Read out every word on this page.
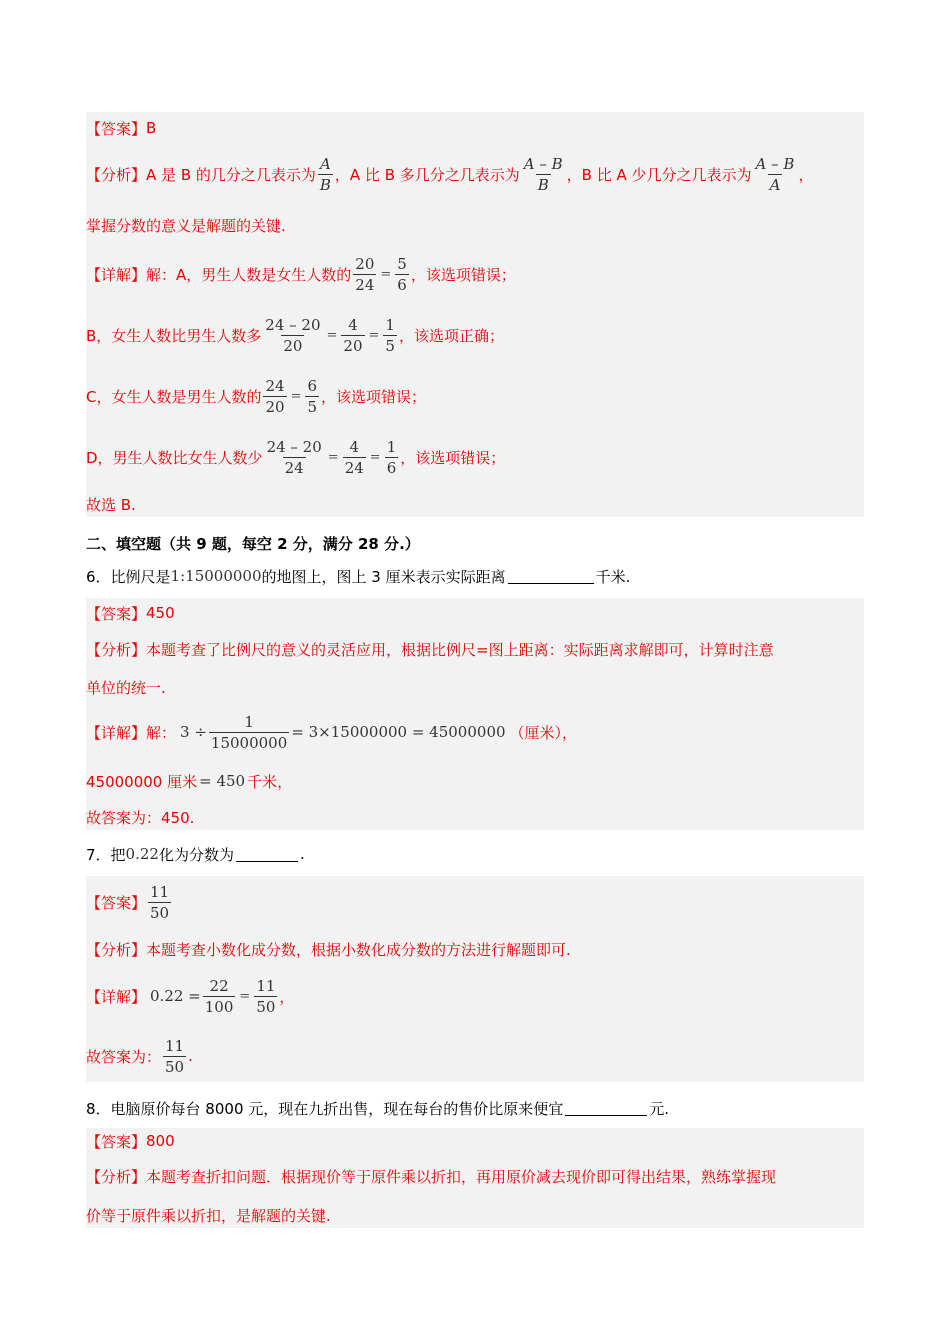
【答案】 B
【分析】 A 是 B 的几分之几表示为 $\frac{A}{B}$ ，A 比 B 多几分之几表示为 $\frac{A - B}{B}$ ，B 比 A 少几分之几表示为 $\frac{A - B}{A}$ ，
掌握分数的意义是解题的关键.
【详解】 解：A，男生人数是女生人数的 $\frac{20}{24} = \frac{5}{6}$ ，该选项错误；
B，女生人数比男生人数多 $\frac{24 - 20}{20} = \frac{4}{20} = \frac{1}{5}$ ，该选项正确；
C，女生人数是男生人数的 $\frac{24}{20} = \frac{6}{5}$ ，该选项错误；
D，男生人数比女生人数少 $\frac{24 - 20}{24} = \frac{4}{24} = \frac{1}{6}$ ，该选项错误；
故选 B.
二、填空题（共 9 题，每空 2 分，满分 28 分.）
6．比例尺是 1:15000000 的地图上，图上 3 厘米表示实际距离	千米.
【答案】 450
【分析】 本题考查了比例尺的意义的灵活应用，根据比例尺=图上距离：实际距离求解即可，计算时注意
单位的统一.
【详解】 解： $3 \div \frac{1}{15000000} = 3\times 15000000 = 45000000$ （厘米），
45000000 厘米 = 450 千米，
故答案为：450.
7．把 0.22 化为分数为	.
【答案】 $\frac{11}{50}$
【分析】 本题考查小数化成分数，根据小数化成分数的方法进行解题即可.
【详解】 $0.22 = \frac{22}{100} = \frac{11}{50}$ ，
故答案为： $\frac{11}{50}$ .
8．电脑原价每台 8000 元，现在九折出售，现在每台的售价比原来便宜	元.
【答案】 800
【分析】 本题考查折扣问题．根据现价等于原件乘以折扣，再用原价减去现价即可得出结果，熟练掌握现
价等于原件乘以折扣，是解题的关键.
